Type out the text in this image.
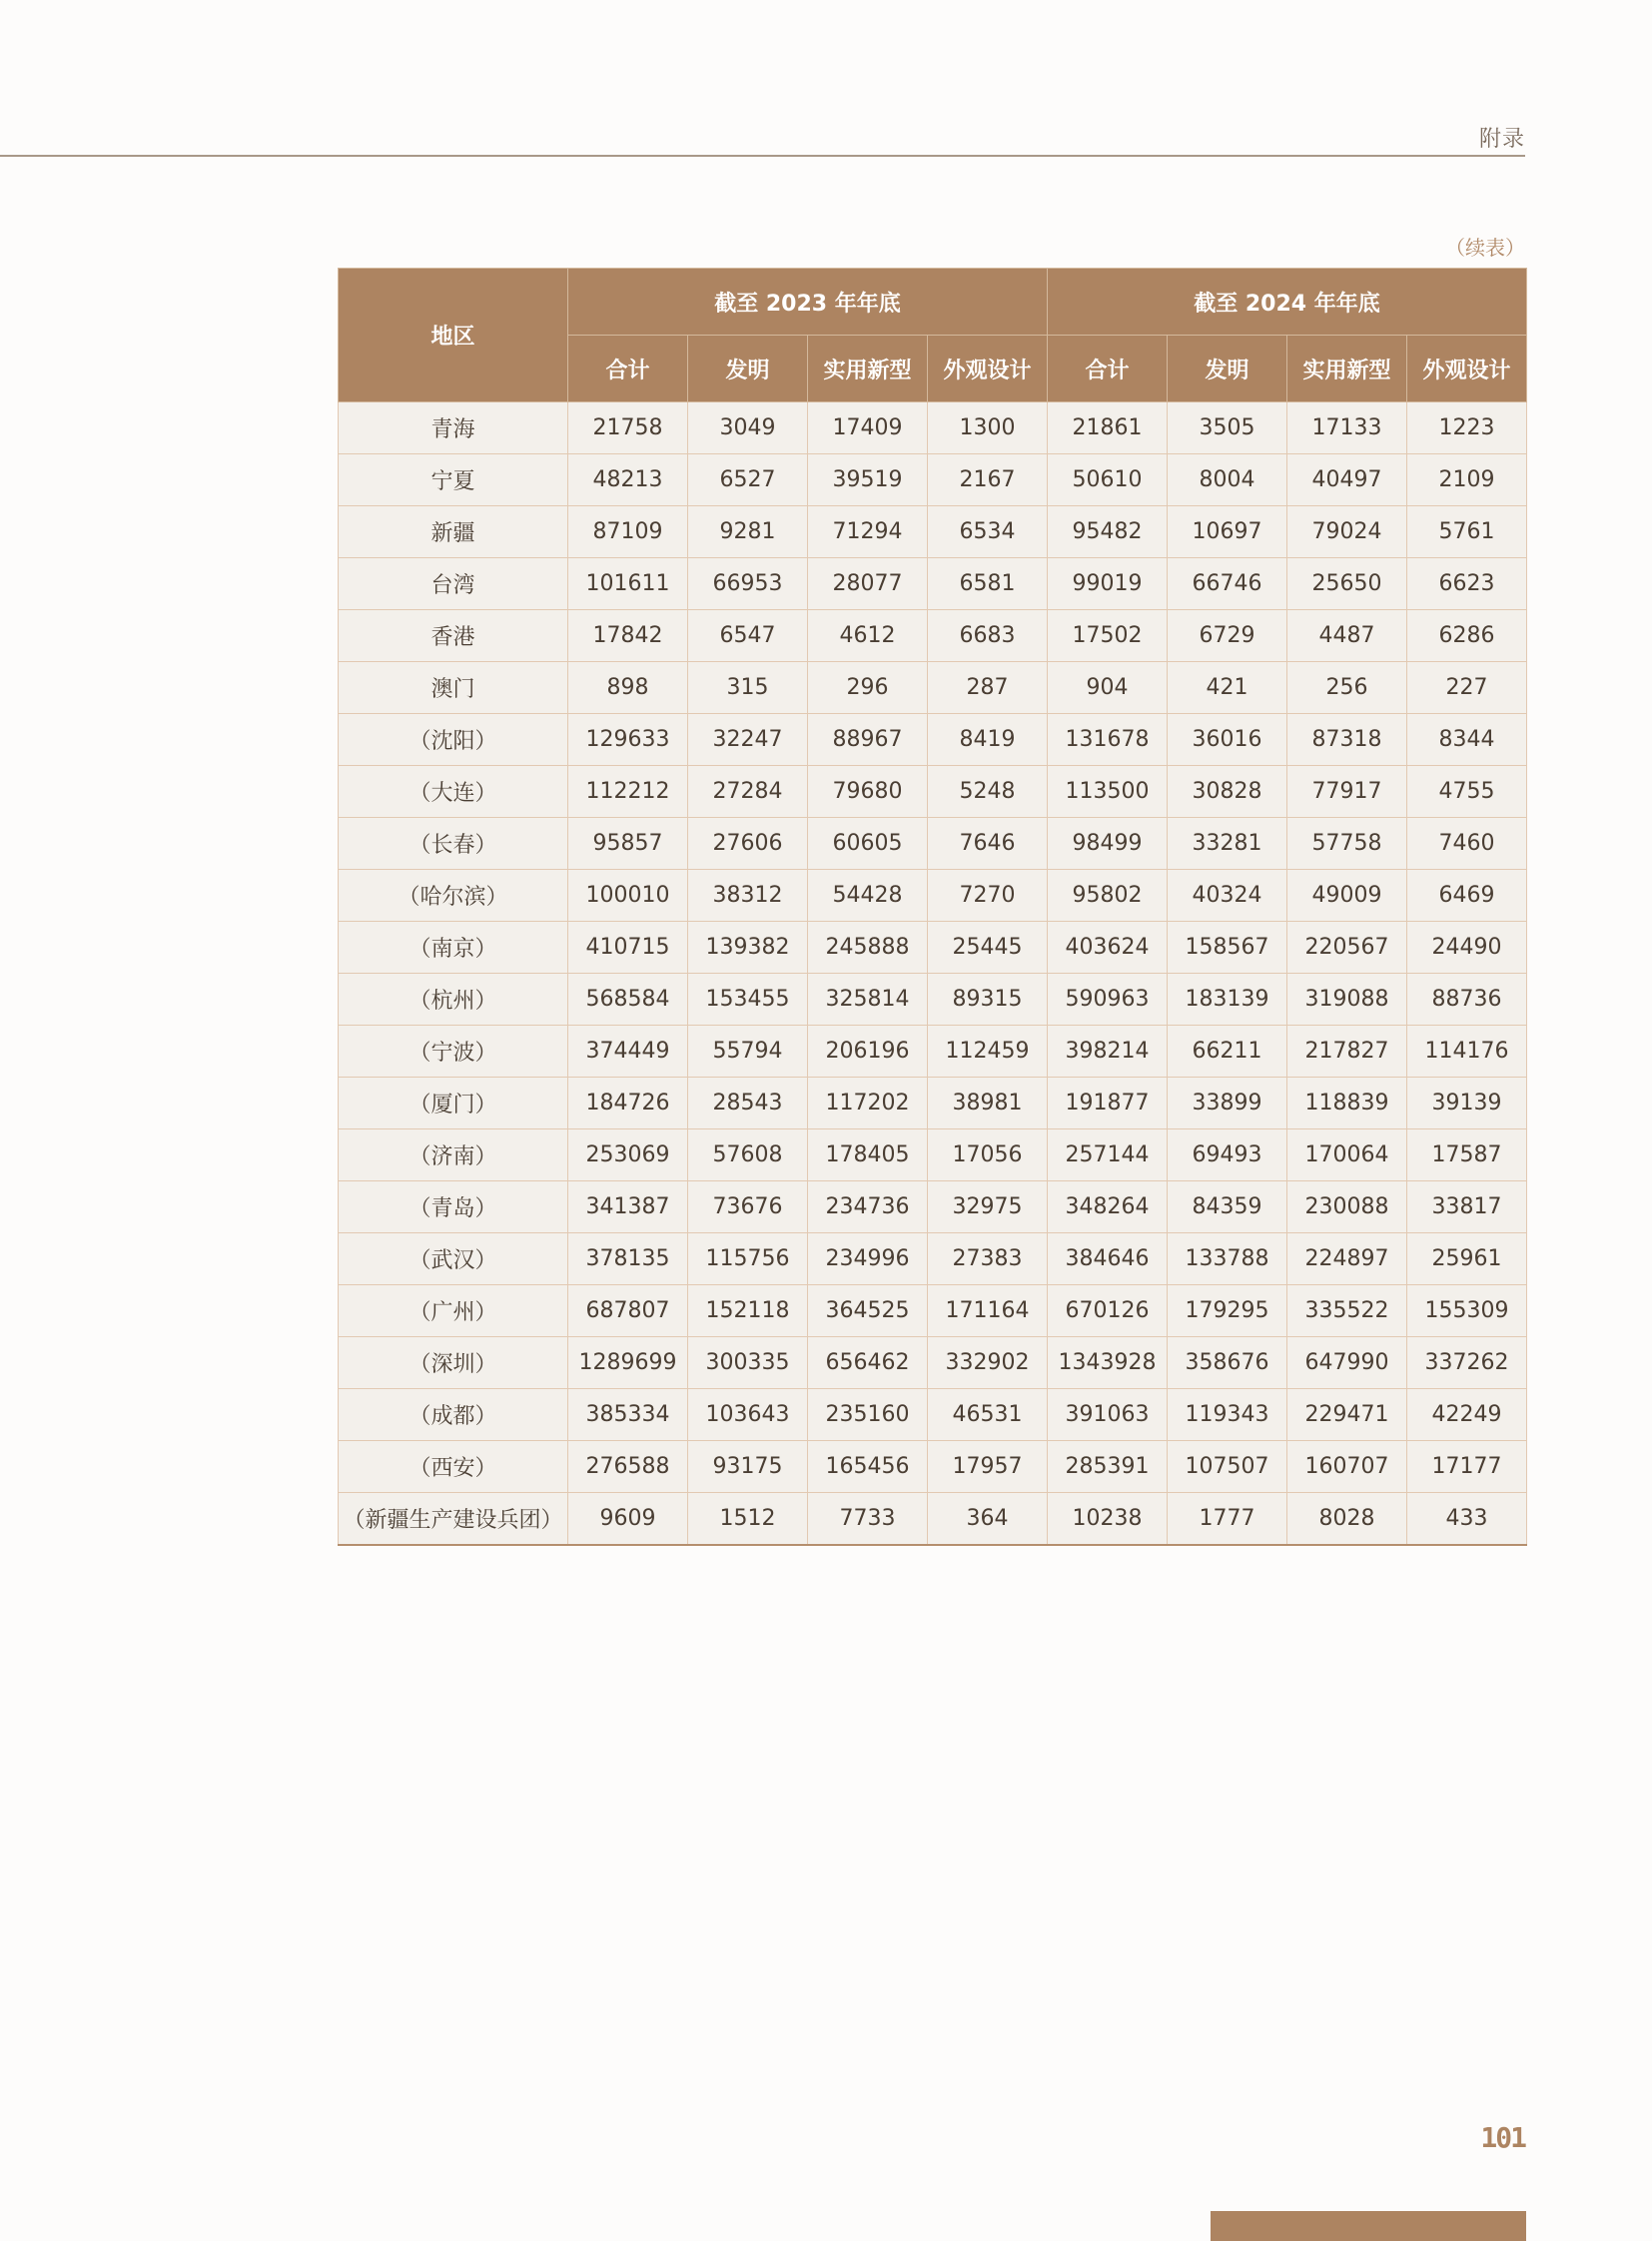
附录
（续表）
地区	截至 2023 年年底				截至 2024 年年底			
	合计	发明	实用新型	外观设计	合计	发明	实用新型	外观设计
青海	21758	3049	17409	1300	21861	3505	17133	1223
宁夏	48213	6527	39519	2167	50610	8004	40497	2109
新疆	87109	9281	71294	6534	95482	10697	79024	5761
台湾	101611	66953	28077	6581	99019	66746	25650	6623
香港	17842	6547	4612	6683	17502	6729	4487	6286
澳门	898	315	296	287	904	421	256	227
（沈阳）	129633	32247	88967	8419	131678	36016	87318	8344
（大连）	112212	27284	79680	5248	113500	30828	77917	4755
（长春）	95857	27606	60605	7646	98499	33281	57758	7460
（哈尔滨）	100010	38312	54428	7270	95802	40324	49009	6469
（南京）	410715	139382	245888	25445	403624	158567	220567	24490
（杭州）	568584	153455	325814	89315	590963	183139	319088	88736
（宁波）	374449	55794	206196	112459	398214	66211	217827	114176
（厦门）	184726	28543	117202	38981	191877	33899	118839	39139
（济南）	253069	57608	178405	17056	257144	69493	170064	17587
（青岛）	341387	73676	234736	32975	348264	84359	230088	33817
（武汉）	378135	115756	234996	27383	384646	133788	224897	25961
（广州）	687807	152118	364525	171164	670126	179295	335522	155309
（深圳）	1289699	300335	656462	332902	1343928	358676	647990	337262
（成都）	385334	103643	235160	46531	391063	119343	229471	42249
（西安）	276588	93175	165456	17957	285391	107507	160707	17177
（新疆生产建设兵团）	9609	1512	7733	364	10238	1777	8028	433
101
